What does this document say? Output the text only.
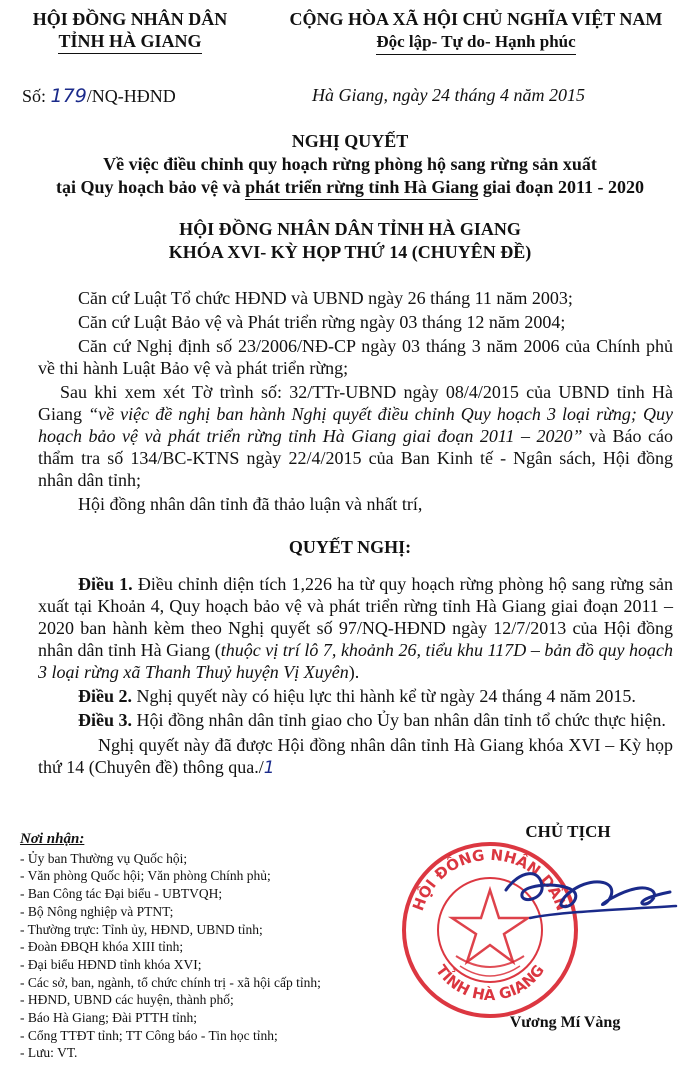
HỘI ĐỒNG NHÂN DÂN
TỈNH HÀ GIANG
CỘNG HÒA XÃ HỘI CHỦ NGHĨA VIỆT NAM
Độc lập- Tự do- Hạnh phúc
Số: 179/NQ-HĐND	Hà Giang, ngày 24 tháng 4 năm 2015
NGHỊ QUYẾT
Về việc điều chỉnh quy hoạch rừng phòng hộ sang rừng sản xuất
tại Quy hoạch bảo vệ và phát triển rừng tỉnh Hà Giang giai đoạn 2011 - 2020
HỘI ĐỒNG NHÂN DÂN TỈNH HÀ GIANG
KHÓA XVI- KỲ HỌP THỨ 14 (CHUYÊN ĐỀ)

Căn cứ Luật Tổ chức HĐND và UBND ngày 26 tháng 11 năm 2003;

Căn cứ Luật Bảo vệ và Phát triển rừng ngày 03 tháng 12 năm 2004;

Căn cứ Nghị định số 23/2006/NĐ-CP ngày 03 tháng 3 năm 2006 của Chính phủ về thi hành Luật Bảo vệ và phát triển rừng;

Sau khi xem xét Tờ trình số: 32/TTr-UBND ngày 08/4/2015 của UBND tỉnh Hà Giang “về việc đề nghị ban hành Nghị quyết điều chỉnh Quy hoạch 3 loại rừng; Quy hoạch bảo vệ và phát triển rừng tỉnh Hà Giang giai đoạn 2011 – 2020” và Báo cáo thẩm tra số 134/BC-KTNS ngày 22/4/2015 của Ban Kinh tế - Ngân sách, Hội đồng nhân dân tỉnh;

Hội đồng nhân dân tỉnh đã thảo luận và nhất trí,

QUYẾT NGHỊ:

Điều 1. Điều chỉnh diện tích 1,226 ha từ quy hoạch rừng phòng hộ sang rừng sản xuất tại Khoản 4, Quy hoạch bảo vệ và phát triển rừng tỉnh Hà Giang giai đoạn 2011 – 2020 ban hành kèm theo Nghị quyết số 97/NQ-HĐND ngày 12/7/2013 của Hội đồng nhân dân tỉnh Hà Giang (thuộc vị trí lô 7, khoảnh 26, tiểu khu 117D – bản đồ quy hoạch 3 loại rừng xã Thanh Thuỷ huyện Vị Xuyên).

Điều 2. Nghị quyết này có hiệu lực thi hành kể từ ngày 24 tháng 4 năm 2015.

Điều 3. Hội đồng nhân dân tỉnh giao cho Ủy ban nhân dân tỉnh tổ chức thực hiện.

Nghị quyết này đã được Hội đồng nhân dân tỉnh Hà Giang khóa XVI – Kỳ họp thứ 14 (Chuyên đề) thông qua./1

Nơi nhận:
- Ủy ban Thường vụ Quốc hội;
- Văn phòng Quốc hội; Văn phòng Chính phủ;
- Ban Công tác Đại biểu - UBTVQH;
- Bộ Nông nghiệp và PTNT;
- Thường trực: Tỉnh ủy, HĐND, UBND tỉnh;
- Đoàn ĐBQH khóa XIII tỉnh;
- Đại biểu HĐND tỉnh khóa XVI;
- Các sở, ban, ngành, tổ chức chính trị - xã hội cấp tỉnh;
- HĐND, UBND các huyện, thành phố;
- Báo Hà Giang; Đài PTTH tỉnh;
- Cổng TTĐT tỉnh; TT Công báo - Tin học tỉnh;
- Lưu: VT.
CHỦ TỊCH
HỘI ĐỒNG NHÂN DÂN
TỈNH HÀ GIANG
Vương Mí Vàng
